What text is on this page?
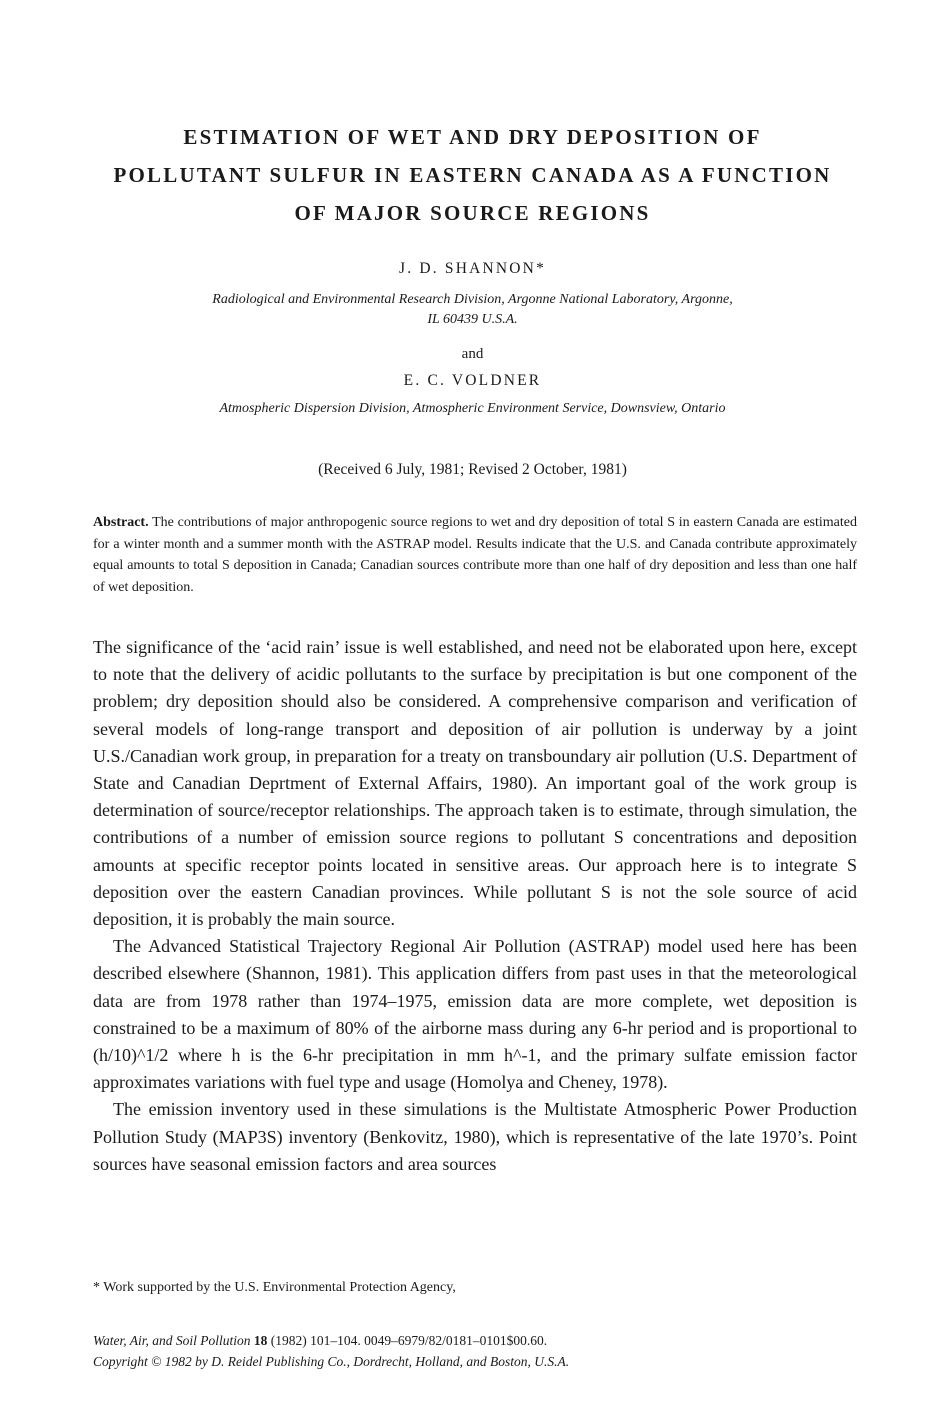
ESTIMATION OF WET AND DRY DEPOSITION OF
POLLUTANT SULFUR IN EASTERN CANADA AS A FUNCTION
OF MAJOR SOURCE REGIONS

J. D. SHANNON*

Radiological and Environmental Research Division, Argonne National Laboratory, Argonne,
IL 60439 U.S.A.

and

E. C. VOLDNER

Atmospheric Dispersion Division, Atmospheric Environment Service, Downsview, Ontario

(Received 6 July, 1981; Revised 2 October, 1981)

Abstract. The contributions of major anthropogenic source regions to wet and dry deposition of total S in eastern Canada are estimated for a winter month and a summer month with the ASTRAP model. Results indicate that the U.S. and Canada contribute approximately equal amounts to total S deposition in Canada; Canadian sources contribute more than one half of dry deposition and less than one half of wet deposition.

The significance of the ‘acid rain’ issue is well established, and need not be elaborated upon here, except to note that the delivery of acidic pollutants to the surface by precipitation is but one component of the problem; dry deposition should also be considered. A comprehensive comparison and verification of several models of long-range transport and deposition of air pollution is underway by a joint U.S./Canadian work group, in preparation for a treaty on transboundary air pollution (U.S. Department of State and Canadian Deprtment of External Affairs, 1980). An important goal of the work group is determination of source/receptor relationships. The approach taken is to estimate, through simulation, the contributions of a number of emission source regions to pollutant S concentrations and deposition amounts at specific receptor points located in sensitive areas. Our approach here is to integrate S deposition over the eastern Canadian provinces. While pollutant S is not the sole source of acid deposition, it is probably the main source.

The Advanced Statistical Trajectory Regional Air Pollution (ASTRAP) model used here has been described elsewhere (Shannon, 1981). This application differs from past uses in that the meteorological data are from 1978 rather than 1974–1975, emission data are more complete, wet deposition is constrained to be a maximum of 80% of the airborne mass during any 6-hr period and is proportional to (h/10)^1/2 where h is the 6-hr precipitation in mm h^-1, and the primary sulfate emission factor approximates variations with fuel type and usage (Homolya and Cheney, 1978).

The emission inventory used in these simulations is the Multistate Atmospheric Power Production Pollution Study (MAP3S) inventory (Benkovitz, 1980), which is representative of the late 1970’s. Point sources have seasonal emission factors and area sources

* Work supported by the U.S. Environmental Protection Agency,

Water, Air, and Soil Pollution 18 (1982) 101–104. 0049–6979/82/0181–0101$00.60.
Copyright © 1982 by D. Reidel Publishing Co., Dordrecht, Holland, and Boston, U.S.A.
